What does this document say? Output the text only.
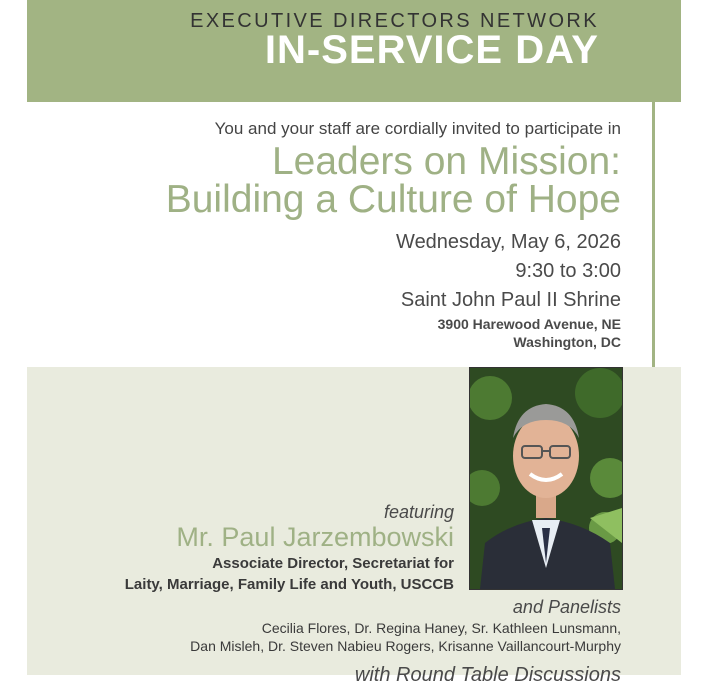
EXECUTIVE DIRECTORS NETWORK
IN-SERVICE DAY
You and your staff are cordially invited to participate in
Leaders on Mission:
Building a Culture of Hope
Wednesday, May 6, 2026
9:30 to 3:00
Saint John Paul II Shrine
3900 Harewood Avenue, NE
Washington, DC
featuring
Mr. Paul Jarzembowski
Associate Director, Secretariat for
Laity, Marriage, Family Life and Youth, USCCB
and Panelists
Cecilia Flores, Dr. Regina Haney, Sr. Kathleen Lunsmann,
Dan Misleh, Dr. Steven Nabieu Rogers, Krisanne Vaillancourt-Murphy
with Round Table Discussions
